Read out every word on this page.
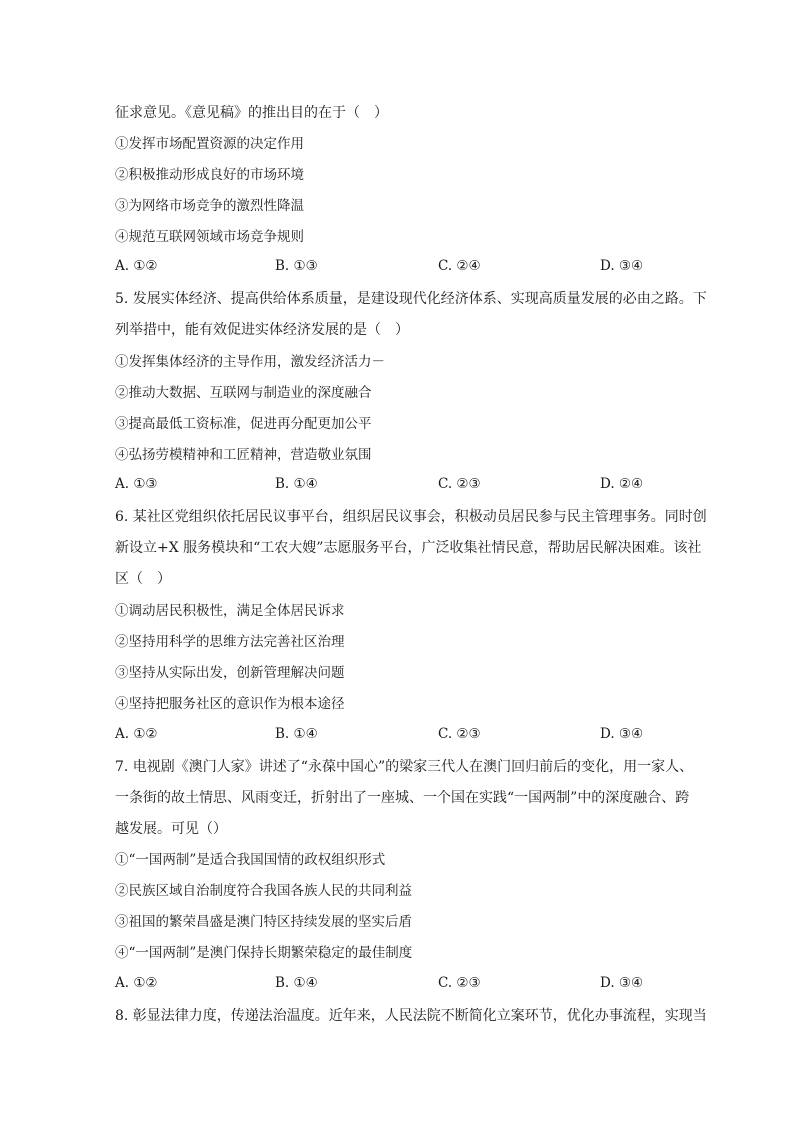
征求意见。《意见稿》的推出目的在于（　）
①发挥市场配置资源的决定作用
②积极推动形成良好的市场环境
③为网络市场竞争的激烈性降温
④规范互联网领域市场竞争规则
A. ①②	B. ①③	C. ②④	D. ③④
5. 发展实体经济、提高供给体系质量，是建设现代化经济体系、实现高质量发展的必由之路。下
列举措中，能有效促进实体经济发展的是（　）
①发挥集体经济的主导作用，激发经济活力－
②推动大数据、互联网与制造业的深度融合
③提高最低工资标准，促进再分配更加公平
④弘扬劳模精神和工匠精神，营造敬业氛围
A. ①③	B. ①④	C. ②③	D. ②④
6. 某社区党组织依托居民议事平台，组织居民议事会，积极动员居民参与民主管理事务。同时创
新设立+X 服务模块和“工农大嫂”志愿服务平台，广泛收集社情民意，帮助居民解决困难。该社
区（　）
①调动居民积极性，满足全体居民诉求
②坚持用科学的思维方法完善社区治理
③坚持从实际出发，创新管理解决问题
④坚持把服务社区的意识作为根本途径
A. ①②	B. ①④	C. ②③	D. ③④
7. 电视剧《澳门人家》讲述了“永葆中国心”的梁家三代人在澳门回归前后的变化，用一家人、
一条街的故土情思、风雨变迁，折射出了一座城、一个国在实践“一国两制”中的深度融合、跨
越发展。可见（）
①“一国两制”是适合我国国情的政权组织形式
②民族区域自治制度符合我国各族人民的共同利益
③祖国的繁荣昌盛是澳门特区持续发展的坚实后盾
④“一国两制”是澳门保持长期繁荣稳定的最佳制度
A. ①②	B. ①④	C. ②③	D. ③④
8. 彰显法律力度，传递法治温度。近年来，人民法院不断简化立案环节，优化办事流程，实现当
